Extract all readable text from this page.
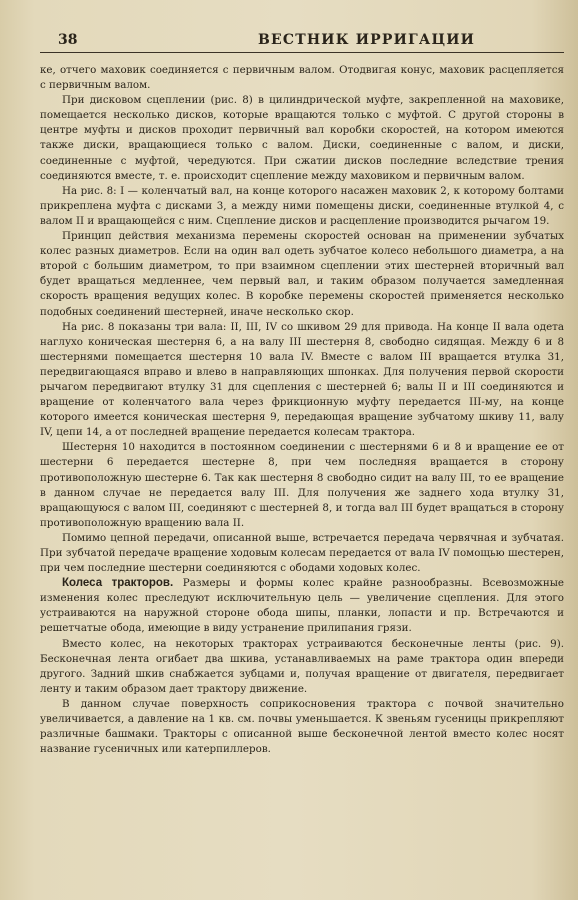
38	ВЕСТНИК ИРРИГАЦИИ

ке, отчего маховик соединяется с первичным валом. Отодвигая конус, маховик расцепляется с первичным валом.

При дисковом сцеплении (рис. 8) в цилиндрической муфте, закрепленной на маховике, помещается несколько дисков, которые вращаются только с муфтой. С другой стороны в центре муфты и дисков проходит первичный вал коробки скоростей, на котором имеются также диски, вращающиеся только с валом. Диски, соединенные с валом, и диски, соединенные с муфтой, чередуются. При сжатии дисков последние вследствие трения соединяются вместе, т. е. происходит сцепление между маховиком и первичным валом.

На рис. 8: I — коленчатый вал, на конце которого насажен маховик 2, к которому болтами прикреплена муфта с дисками 3, а между ними помещены диски, соединенные втулкой 4, с валом II и вращающейся с ним. Сцепление дисков и расцепление производится рычагом 19.

Принцип действия механизма перемены скоростей основан на применении зубчатых колес разных диаметров. Если на один вал одеть зубчатое колесо небольшого диаметра, а на второй с большим диаметром, то при взаимном сцеплении этих шестерней вторичный вал будет вращаться медленнее, чем первый вал, и таким образом получается замедленная скорость вращения ведущих колес. В коробке перемены скоростей применяется несколько подобных соединений шестерней, иначе несколько скор.

На рис. 8 показаны три вала: II, III, IV со шкивом 29 для привода. На конце II вала одета наглухо коническая шестерня 6, а на валу III шестерня 8, свободно сидящая. Между 6 и 8 шестернями помещается шестерня 10 вала IV. Вместе с валом III вращается втулка 31, передвигающаяся вправо и влево в направляющих шпонках. Для получения первой скорости рычагом передвигают втулку 31 для сцепления с шестерней 6; валы II и III соединяются и вращение от коленчатого вала через фрикционную муфту передается III-му, на конце которого имеется коническая шестерня 9, передающая вращение зубчатому шкиву 11, валу IV, цепи 14, а от последней вращение передается колесам трактора.

Шестерня 10 находится в постоянном соединении с шестернями 6 и 8 и вращение ее от шестерни 6 передается шестерне 8, при чем последняя вращается в сторону противоположную шестерне 6. Так как шестерня 8 свободно сидит на валу III, то ее вращение в данном случае не передается валу III. Для получения же заднего хода втулку 31, вращающуюся с валом III, соединяют с шестерней 8, и тогда вал III будет вращаться в сторону противоположную вращению вала II.

Помимо цепной передачи, описанной выше, встречается передача червячная и зубчатая. При зубчатой передаче вращение ходовым колесам передается от вала IV помощью шестерен, при чем последние шестерни соединяются с ободами ходовых колес.

Колеса тракторов. Размеры и формы колес крайне разнообразны. Всевозможные изменения колес преследуют исключительную цель — увеличение сцепления. Для этого устраиваются на наружной стороне обода шипы, планки, лопасти и пр. Встречаются и решетчатые обода, имеющие в виду устранение прилипания грязи.

Вместо колес, на некоторых тракторах устраиваются бесконечные ленты (рис. 9). Бесконечная лента огибает два шкива, устанавливаемых на раме трактора один впереди другого. Задний шкив снабжается зубцами и, получая вращение от двигателя, передвигает ленту и таким образом дает трактору движение.

В данном случае поверхность соприкосновения трактора с почвой значительно увеличивается, а давление на 1 кв. см. почвы уменьшается. К звеньям гусеницы прикрепляют различные башмаки. Тракторы с описанной выше бесконечной лентой вместо колес носят название гусеничных или катерпиллеров.
